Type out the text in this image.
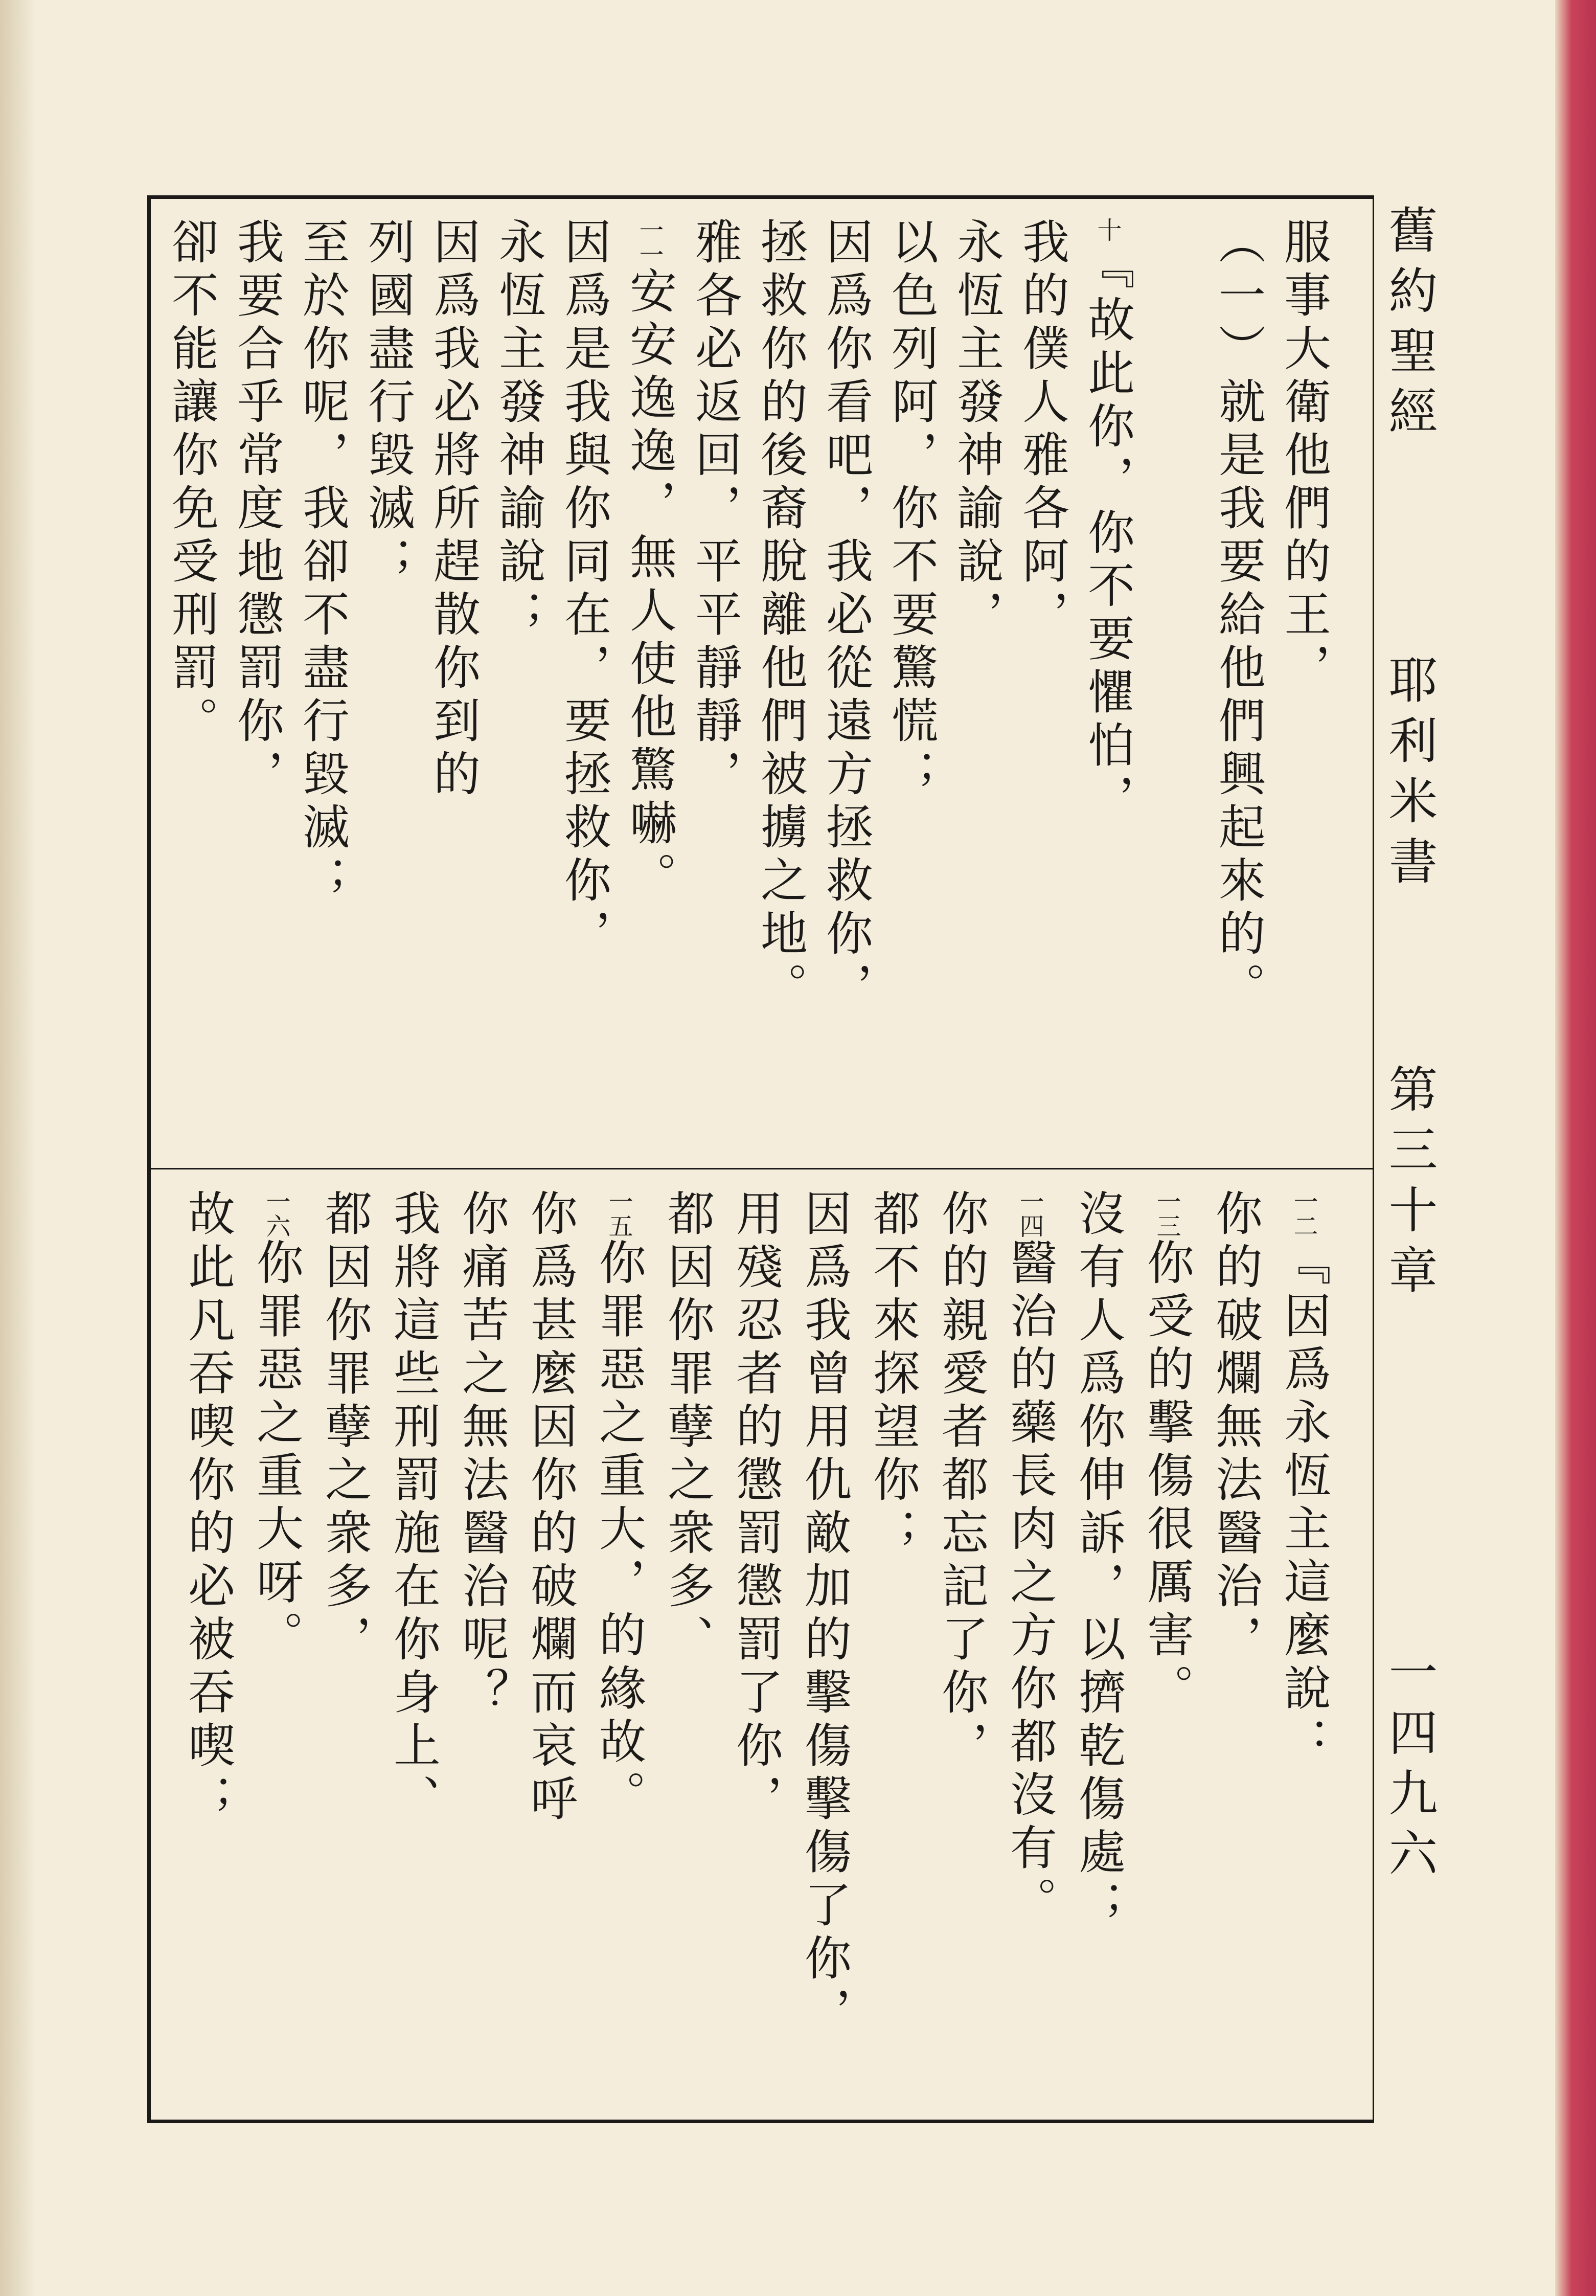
舊約聖經
耶利米書
第三十章
一四九六
服事大衛他們的王，
（一）就是我要給他們興起來的。
十『故此你，你不要懼怕，
我的僕人雅各阿，
永恆主發神諭說，
以色列阿，你不要驚慌；
因爲你看吧，我必從遠方拯救你，
拯救你的後裔脫離他們被擄之地。
雅各必返回，平平靜靜，
一一安安逸逸，無人使他驚嚇。
因爲是我與你同在，要拯救你，
永恆主發神諭說；
因爲我必將所趕散你到的
列國盡行毀滅；
至於你呢，我卻不盡行毀滅；
我要合乎常度地懲罰你，
卻不能讓你免受刑罰。
一二『因爲永恆主這麼說：
你的破爛無法醫治，
一三你受的擊傷很厲害。
沒有人爲你伸訴，以擠乾傷處；
一四醫治的藥長肉之方你都沒有。
你的親愛者都忘記了你，
都不來探望你；
因爲我曾用仇敵加的擊傷擊傷了你，
用殘忍者的懲罰懲罰了你，
都因你罪孽之衆多、
一五你罪惡之重大，的緣故。
你爲甚麼因你的破爛而哀呼
你痛苦之無法醫治呢？
我將這些刑罰施在你身上、
都因你罪孽之衆多，
一六你罪惡之重大呀。
故此凡吞喫你的必被吞喫；
